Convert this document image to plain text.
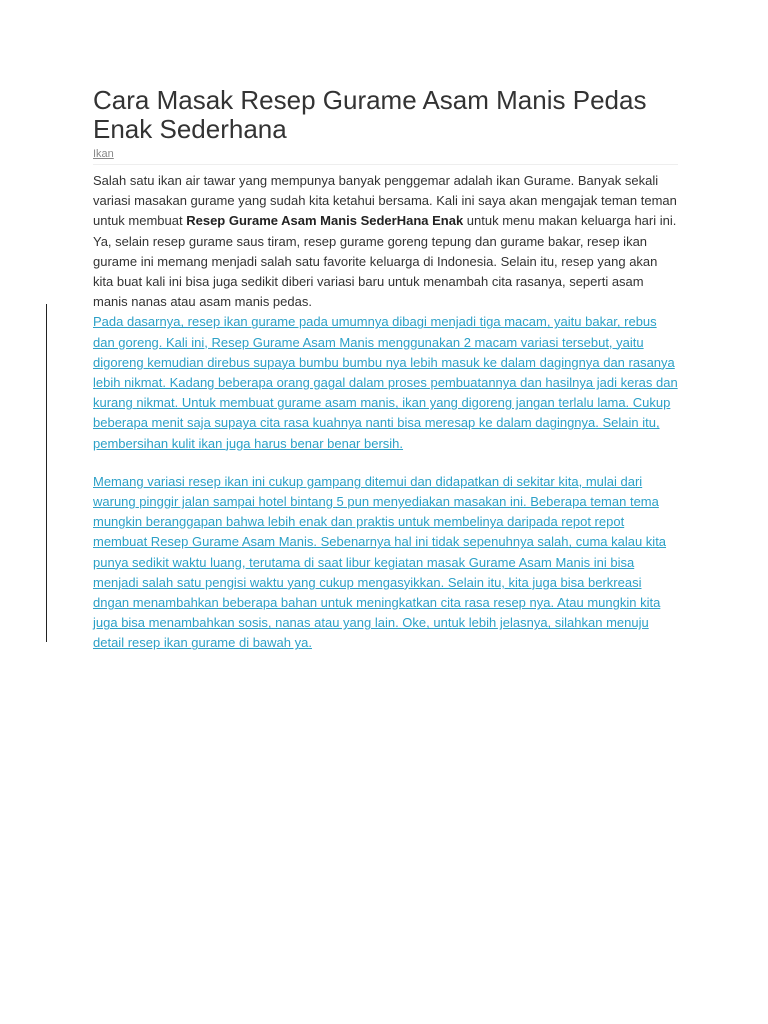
Cara Masak Resep Gurame Asam Manis Pedas Enak Sederhana
Ikan

Salah satu ikan air tawar yang mempunya banyak penggemar adalah ikan Gurame. Banyak sekali variasi masakan gurame yang sudah kita ketahui bersama. Kali ini saya akan mengajak teman teman untuk membuat Resep Gurame Asam Manis SederHana Enak untuk menu makan keluarga hari ini. Ya, selain resep gurame saus tiram, resep gurame goreng tepung dan gurame bakar, resep ikan gurame ini memang menjadi salah satu favorite keluarga di Indonesia. Selain itu, resep yang akan kita buat kali ini bisa juga sedikit diberi variasi baru untuk menambah cita rasanya, seperti asam manis nanas atau asam manis pedas.

Pada dasarnya, resep ikan gurame pada umumnya dibagi menjadi tiga macam, yaitu bakar, rebus dan goreng. Kali ini, Resep Gurame Asam Manis menggunakan 2 macam variasi tersebut, yaitu digoreng kemudian direbus supaya bumbu bumbu nya lebih masuk ke dalam dagingnya dan rasanya lebih nikmat. Kadang beberapa orang gagal dalam proses pembuatannya dan hasilnya jadi keras dan kurang nikmat. Untuk membuat gurame asam manis, ikan yang digoreng jangan terlalu lama. Cukup beberapa menit saja supaya cita rasa kuahnya nanti bisa meresap ke dalam dagingnya. Selain itu, pembersihan kulit ikan juga harus benar benar bersih.

Memang variasi resep ikan ini cukup gampang ditemui dan didapatkan di sekitar kita, mulai dari warung pinggir jalan sampai hotel bintang 5 pun menyediakan masakan ini. Beberapa teman tema mungkin beranggapan bahwa lebih enak dan praktis untuk membelinya daripada repot repot membuat Resep Gurame Asam Manis. Sebenarnya hal ini tidak sepenuhnya salah, cuma kalau kita punya sedikit waktu luang, terutama di saat libur kegiatan masak Gurame Asam Manis ini bisa menjadi salah satu pengisi waktu yang cukup mengasyikkan. Selain itu, kita juga bisa berkreasi dngan menambahkan beberapa bahan untuk meningkatkan cita rasa resep nya. Atau mungkin kita juga bisa menambahkan sosis, nanas atau yang lain. Oke, untuk lebih jelasnya, silahkan menuju detail resep ikan gurame di bawah ya.
